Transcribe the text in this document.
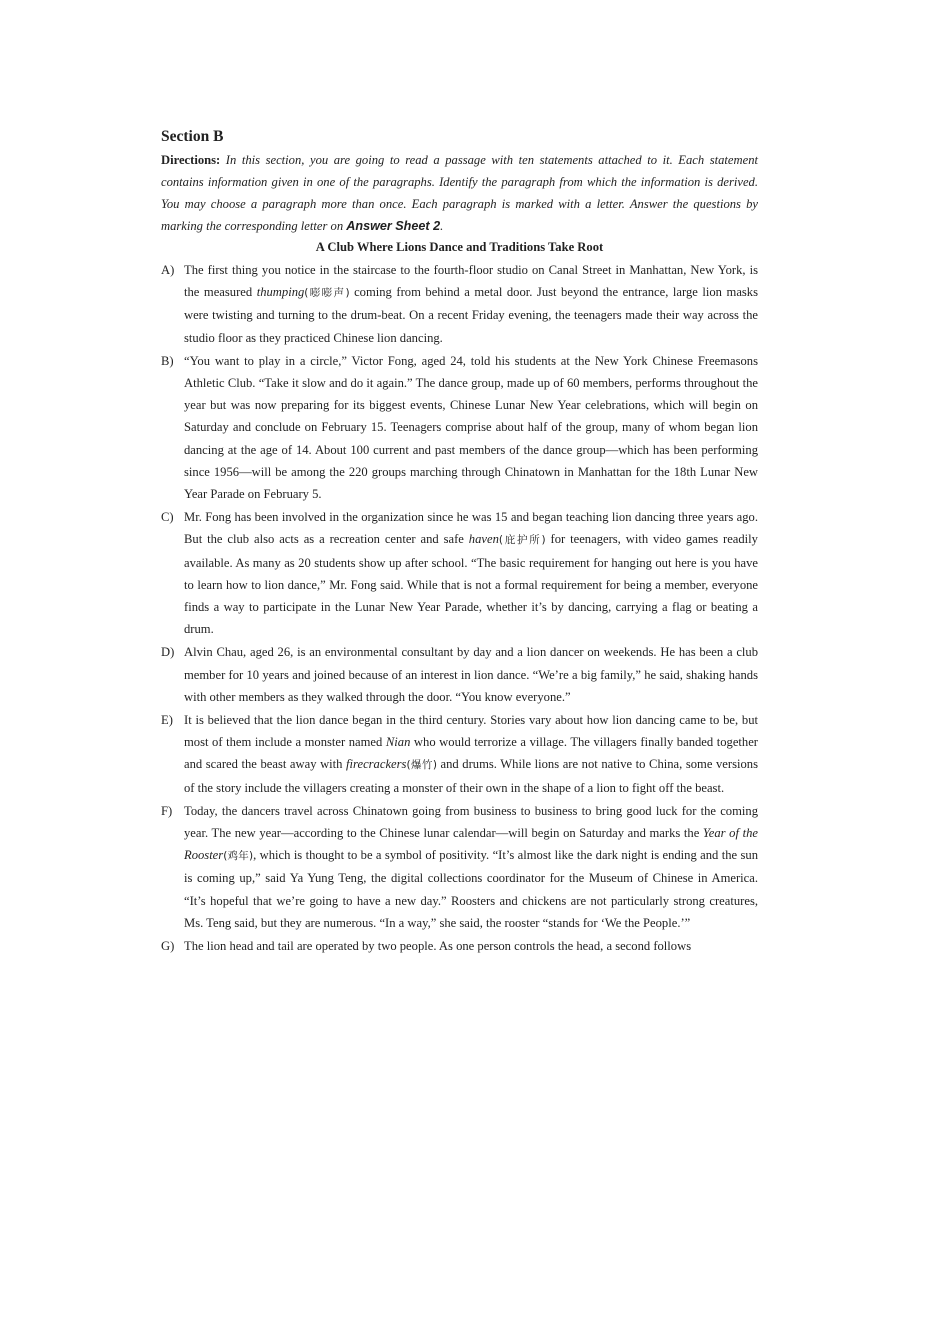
Section B

Directions: In this section, you are going to read a passage with ten statements attached to it. Each statement contains information given in one of the paragraphs. Identify the paragraph from which the information is derived. You may choose a paragraph more than once. Each paragraph is marked with a letter. Answer the questions by marking the corresponding letter on Answer Sheet 2.

A Club Where Lions Dance and Traditions Take Root
A) The first thing you notice in the staircase to the fourth-floor studio on Canal Street in Manhattan, New York, is the measured thumping(嘭嘭声) coming from behind a metal door. Just beyond the entrance, large lion masks were twisting and turning to the drum-beat. On a recent Friday evening, the teenagers made their way across the studio floor as they practiced Chinese lion dancing.
B) “You want to play in a circle,” Victor Fong, aged 24, told his students at the New York Chinese Freemasons Athletic Club. “Take it slow and do it again.” The dance group, made up of 60 members, performs throughout the year but was now preparing for its biggest events, Chinese Lunar New Year celebrations, which will begin on Saturday and conclude on February 15. Teenagers comprise about half of the group, many of whom began lion dancing at the age of 14. About 100 current and past members of the dance group—which has been performing since 1956—will be among the 220 groups marching through Chinatown in Manhattan for the 18th Lunar New Year Parade on February 5.
C) Mr. Fong has been involved in the organization since he was 15 and began teaching lion dancing three years ago. But the club also acts as a recreation center and safe haven(庇护所) for teenagers, with video games readily available. As many as 20 students show up after school. “The basic requirement for hanging out here is you have to learn how to lion dance,” Mr. Fong said. While that is not a formal requirement for being a member, everyone finds a way to participate in the Lunar New Year Parade, whether it’s by dancing, carrying a flag or beating a drum.
D) Alvin Chau, aged 26, is an environmental consultant by day and a lion dancer on weekends. He has been a club member for 10 years and joined because of an interest in lion dance. “We’re a big family,” he said, shaking hands with other members as they walked through the door. “You know everyone.”
E) It is believed that the lion dance began in the third century. Stories vary about how lion dancing came to be, but most of them include a monster named Nian who would terrorize a village. The villagers finally banded together and scared the beast away with firecrackers(爆竹) and drums. While lions are not native to China, some versions of the story include the villagers creating a monster of their own in the shape of a lion to fight off the beast.
F) Today, the dancers travel across Chinatown going from business to business to bring good luck for the coming year. The new year—according to the Chinese lunar calendar—will begin on Saturday and marks the Year of the Rooster(鸡年), which is thought to be a symbol of positivity. “It’s almost like the dark night is ending and the sun is coming up,” said Ya Yung Teng, the digital collections coordinator for the Museum of Chinese in America. “It’s hopeful that we’re going to have a new day.” Roosters and chickens are not particularly strong creatures, Ms. Teng said, but they are numerous. “In a way,” she said, the rooster “stands for ‘We the People.’”
G) The lion head and tail are operated by two people. As one person controls the head, a second follows
